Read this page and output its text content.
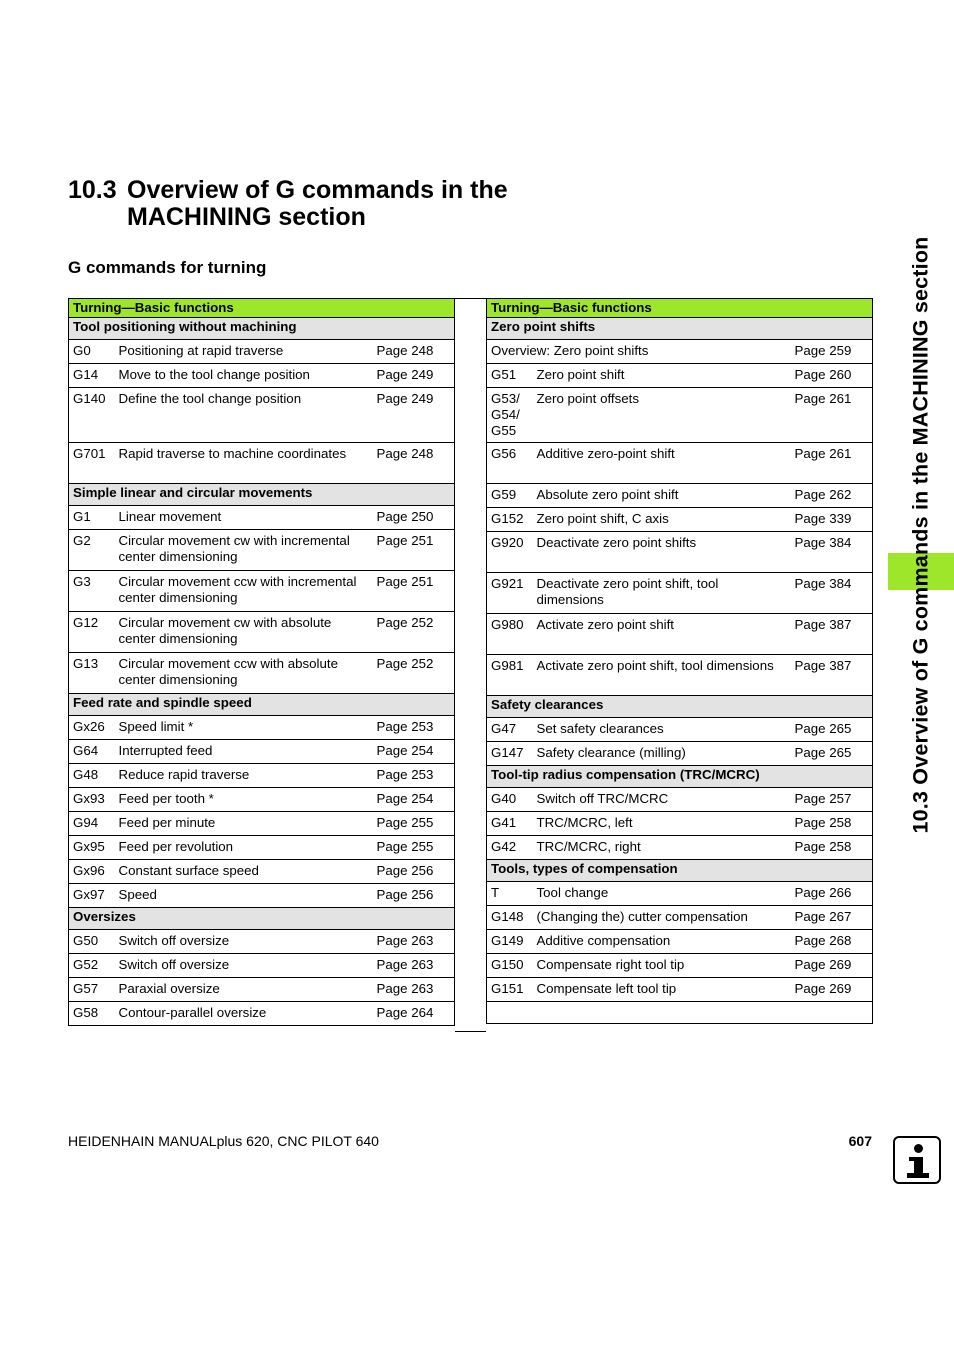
10.3 Overview of G commands in the MACHINING section
G commands for turning
Turning—Basic functions		
Tool positioning without machining		
G0	Positioning at rapid traverse	Page 248
G14	Move to the tool change position	Page 249
G140	Define the tool change position	Page 249
G701	Rapid traverse to machine coordinates	Page 248
Simple linear and circular movements		
G1	Linear movement	Page 250
G2	Circular movement cw with incremental center dimensioning	Page 251
G3	Circular movement ccw with incremental center dimensioning	Page 251
G12	Circular movement cw with absolute center dimensioning	Page 252
G13	Circular movement ccw with absolute center dimensioning	Page 252
Feed rate and spindle speed		
Gx26	Speed limit *	Page 253
G64	Interrupted feed	Page 254
G48	Reduce rapid traverse	Page 253
Gx93	Feed per tooth *	Page 254
G94	Feed per minute	Page 255
Gx95	Feed per revolution	Page 255
Gx96	Constant surface speed	Page 256
Gx97	Speed	Page 256
Oversizes		
G50	Switch off oversize	Page 263
G52	Switch off oversize	Page 263
G57	Paraxial oversize	Page 263
G58	Contour-parallel oversize	Page 264
Turning—Basic functions		
Zero point shifts		
Overview: Zero point shifts		Page 259
G51	Zero point shift	Page 260
G53/
G54/
G55	Zero point offsets	Page 261
G56	Additive zero-point shift	Page 261
G59	Absolute zero point shift	Page 262
G152	Zero point shift, C axis	Page 339
G920	Deactivate zero point shifts	Page 384
G921	Deactivate zero point shift, tool dimensions	Page 384
G980	Activate zero point shift	Page 387
G981	Activate zero point shift, tool dimensions	Page 387
Safety clearances		
G47	Set safety clearances	Page 265
G147	Safety clearance (milling)	Page 265
Tool-tip radius compensation (TRC/MCRC)		
G40	Switch off TRC/MCRC	Page 257
G41	TRC/MCRC, left	Page 258
G42	TRC/MCRC, right	Page 258
Tools, types of compensation		
T	Tool change	Page 266
G148	(Changing the) cutter compensation	Page 267
G149	Additive compensation	Page 268
G150	Compensate right tool tip	Page 269
G151	Compensate left tool tip	Page 269

10.3 Overview of G commands in the MACHINING section
HEIDENHAIN MANUALplus 620, CNC PILOT 640	607
